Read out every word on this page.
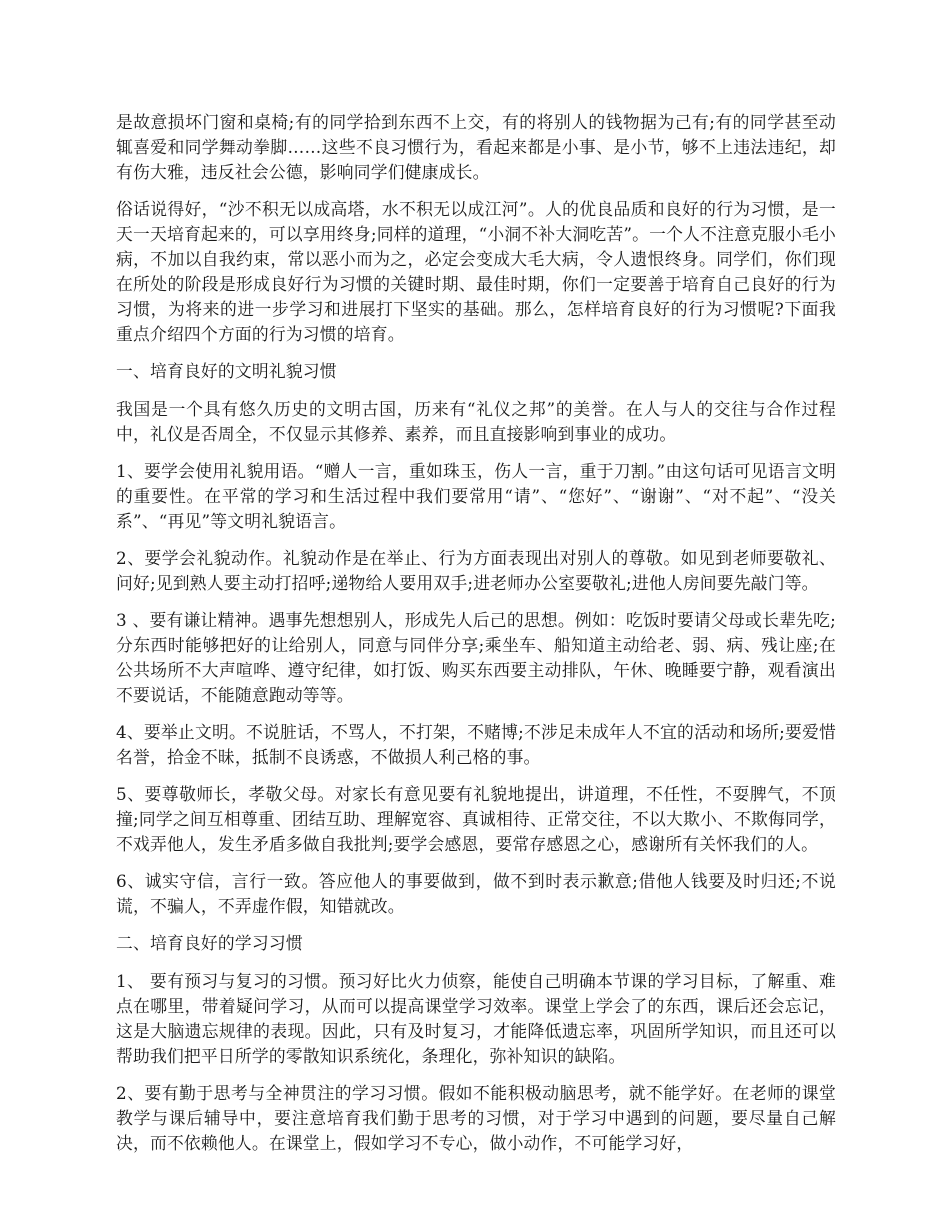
是故意损坏门窗和桌椅;有的同学拾到东西不上交，有的将别人的钱物据为己有;有的同学甚至动辄喜爱和同学舞动拳脚……这些不良习惯行为，看起来都是小事、是小节，够不上违法违纪，却有伤大雅，违反社会公德，影响同学们健康成长。

俗话说得好，“沙不积无以成高塔，水不积无以成江河”。人的优良品质和良好的行为习惯，是一天一天培育起来的，可以享用终身;同样的道理，“小洞不补大洞吃苦”。一个人不注意克服小毛小病，不加以自我约束，常以恶小而为之，必定会变成大毛大病，令人遗恨终身。同学们，你们现在所处的阶段是形成良好行为习惯的关键时期、最佳时期，你们一定要善于培育自己良好的行为习惯，为将来的进一步学习和进展打下坚实的基础。那么，怎样培育良好的行为习惯呢?下面我重点介绍四个方面的行为习惯的培育。

一、培育良好的文明礼貌习惯

我国是一个具有悠久历史的文明古国，历来有“礼仪之邦”的美誉。在人与人的交往与合作过程中，礼仪是否周全，不仅显示其修养、素养，而且直接影响到事业的成功。

1、要学会使用礼貌用语。“赠人一言，重如珠玉，伤人一言，重于刀割。”由这句话可见语言文明的重要性。在平常的学习和生活过程中我们要常用“请”、“您好”、“谢谢”、“对不起”、“没关系”、“再见”等文明礼貌语言。

2、要学会礼貌动作。礼貌动作是在举止、行为方面表现出对别人的尊敬。如见到老师要敬礼、问好;见到熟人要主动打招呼;递物给人要用双手;进老师办公室要敬礼;进他人房间要先敲门等。

3 、要有谦让精神。遇事先想想别人，形成先人后己的思想。例如：吃饭时要请父母或长辈先吃;分东西时能够把好的让给别人，同意与同伴分享;乘坐车、船知道主动给老、弱、病、残让座;在公共场所不大声喧哗、遵守纪律，如打饭、购买东西要主动排队，午休、晚睡要宁静，观看演出不要说话，不能随意跑动等等。

4、要举止文明。不说脏话，不骂人，不打架，不赌博;不涉足未成年人不宜的活动和场所;要爱惜名誉，拾金不昧，抵制不良诱惑，不做损人利己格的事。

5、要尊敬师长，孝敬父母。对家长有意见要有礼貌地提出，讲道理，不任性，不耍脾气，不顶撞;同学之间互相尊重、团结互助、理解宽容、真诚相待、正常交往，不以大欺小、不欺侮同学，不戏弄他人，发生矛盾多做自我批判;要学会感恩，要常存感恩之心，感谢所有关怀我们的人。

6、诚实守信，言行一致。答应他人的事要做到，做不到时表示歉意;借他人钱要及时归还;不说谎，不骗人，不弄虚作假，知错就改。

二、培育良好的学习习惯

1、 要有预习与复习的习惯。预习好比火力侦察，能使自己明确本节课的学习目标，了解重、难点在哪里，带着疑问学习，从而可以提高课堂学习效率。课堂上学会了的东西，课后还会忘记，这是大脑遗忘规律的表现。因此，只有及时复习，才能降低遗忘率，巩固所学知识，而且还可以帮助我们把平日所学的零散知识系统化，条理化，弥补知识的缺陷。

2、要有勤于思考与全神贯注的学习习惯。假如不能积极动脑思考，就不能学好。在老师的课堂教学与课后辅导中，要注意培育我们勤于思考的习惯，对于学习中遇到的问题，要尽量自己解决，而不依赖他人。在课堂上，假如学习不专心，做小动作，不可能学习好，
